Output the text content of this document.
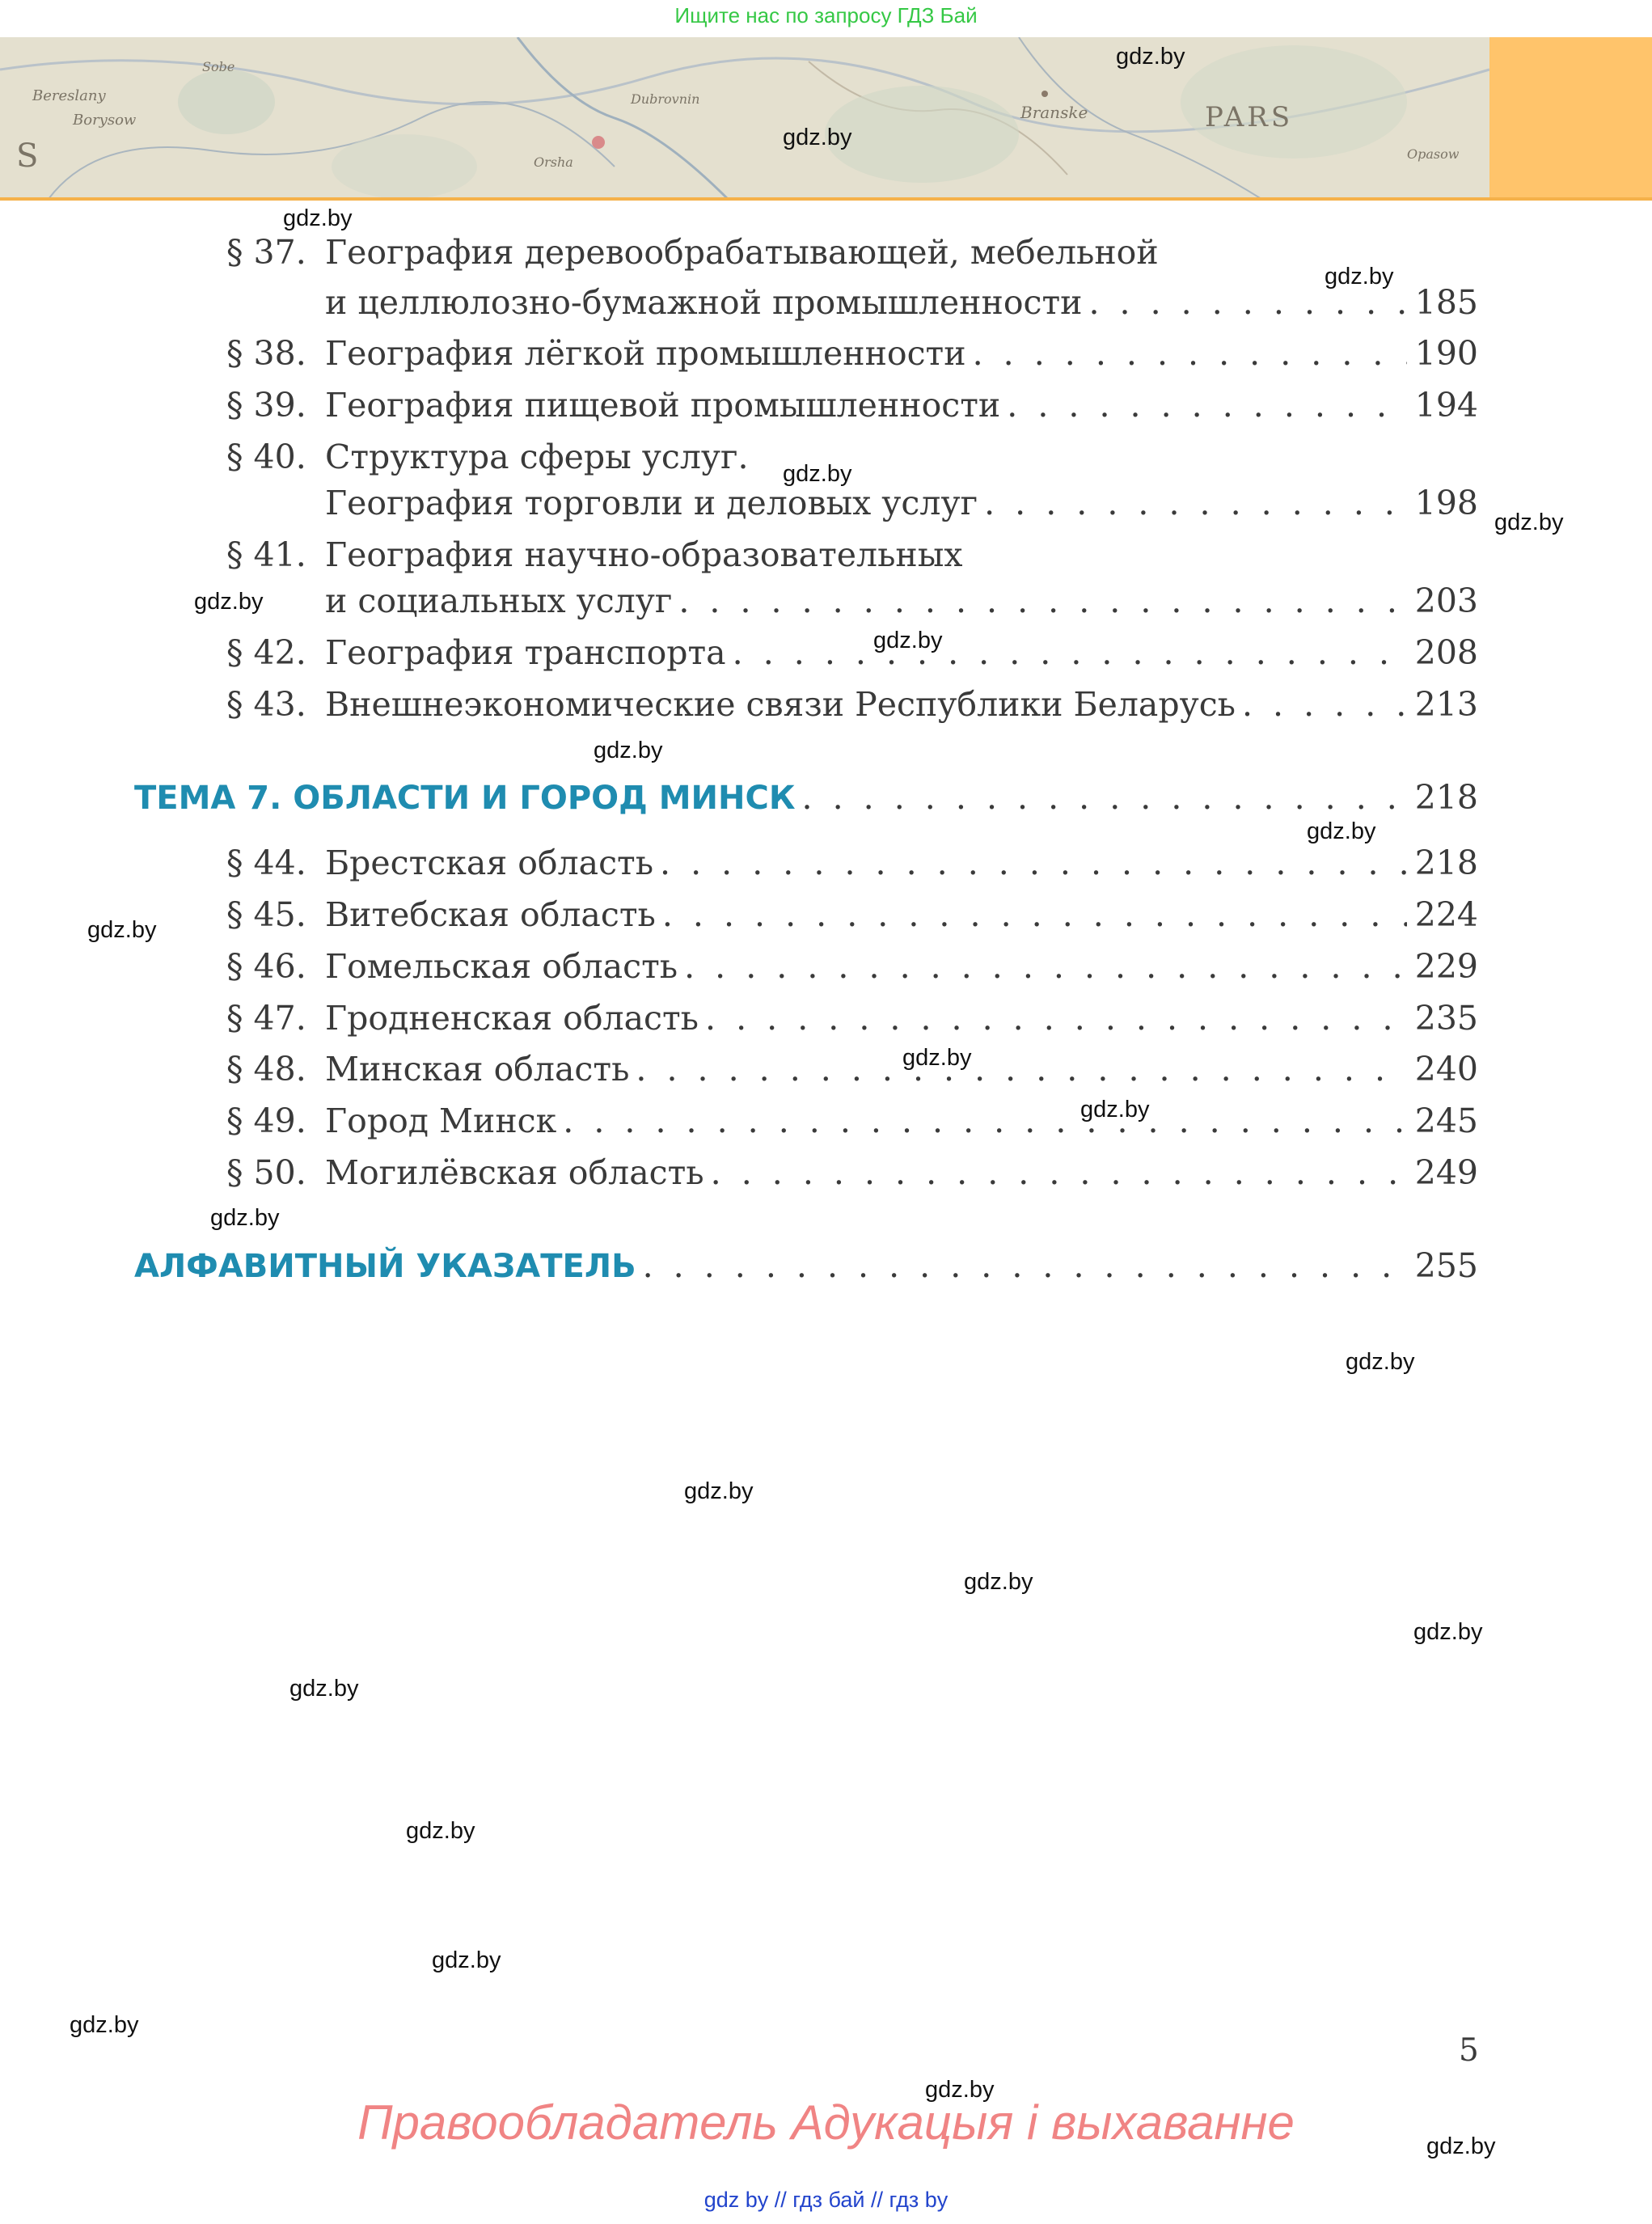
Ищите нас по запросу ГДЗ Бай
Bereslany
Borysow
Sobe
Dubrovnin
Orsha
Branske	PARS
Opasow
S
§ 37. География деревообрабатывающей, мебельной
и целлюлозно-бумажной промышленности . . .	185
§ 38. География лёгкой промышленности . . .	190
§ 39. География пищевой промышленности . . .	194
§ 40. Структура сферы услуг.
География торговли и деловых услуг . . .	198
§ 41. География научно-образовательных
и социальных услуг . . .	203
§ 42. География транспорта . . .	208
§ 43. Внешнеэкономические связи Республики Беларусь . . .	213
ТЕМА 7. ОБЛАСТИ И ГОРОД МИНСК . . .	218
§ 44. Брестская область . . .	218
§ 45. Витебская область . . .	224
§ 46. Гомельская область . . .	229
§ 47. Гродненская область . . .	235
§ 48. Минская область . . .	240
§ 49. Город Минск . . .	245
§ 50. Могилёвская область . . .	249
АЛФАВИТНЫЙ УКАЗАТЕЛЬ . . .	255
gdz.by
gdz.by
gdz.by
gdz.by
gdz.by
gdz.by
gdz.by
gdz.by
gdz.by
gdz.by
gdz.by
gdz.by
gdz.by
gdz.by
gdz.by
gdz.by
gdz.by
gdz.by
gdz.by
gdz.by
gdz.by
gdz.by
gdz.by
gdz.by
5
Правообладатель Адукацыя і выхаванне
gdz by // гдз бай // гдз by
